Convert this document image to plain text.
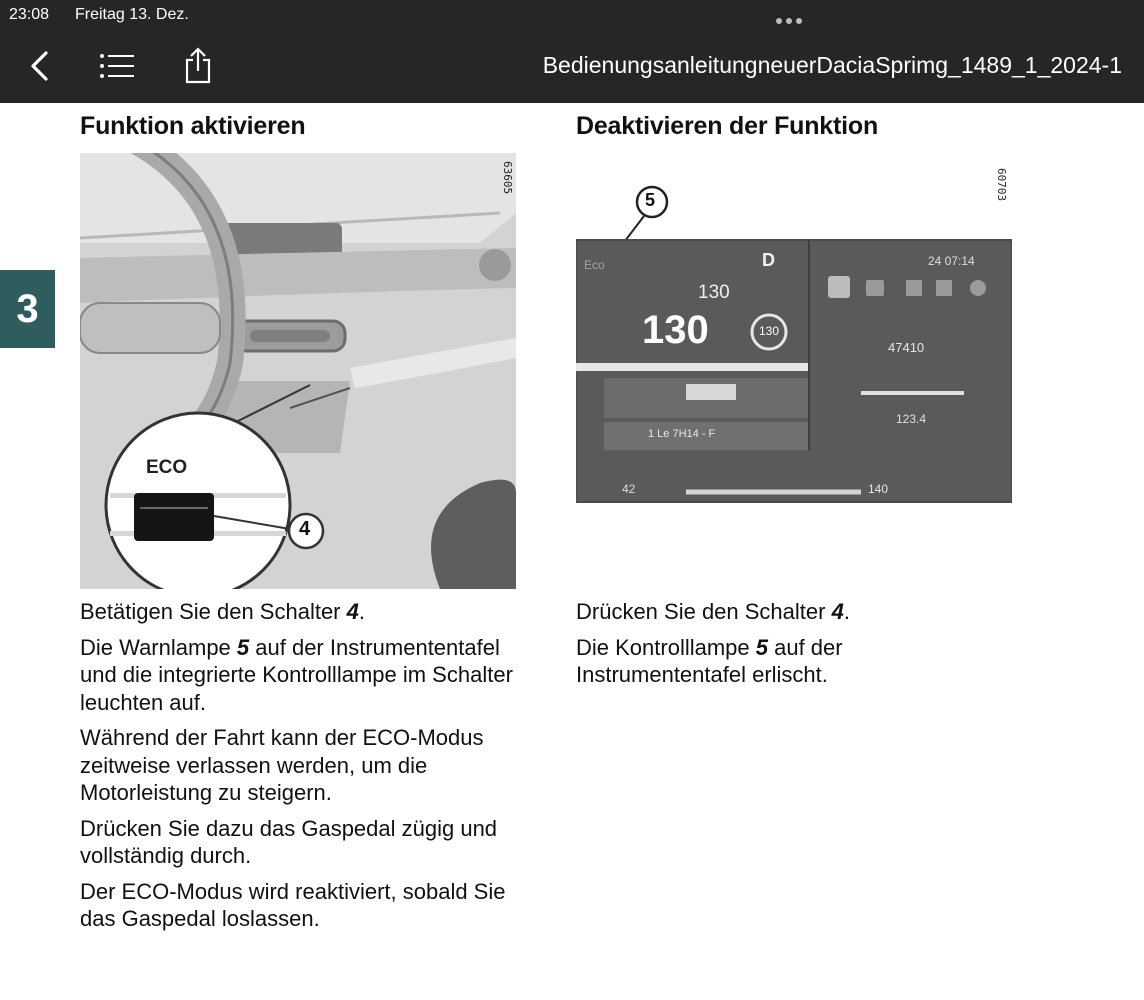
23:08 Freitag 13. Dez.
BedienungsanleitungneuerDaciaSprimg_1489_1_2024-1
3
Funktion aktivieren
ECO
4
63605

Betätigen Sie den Schalter 4.

Die Warnlampe 5 auf der Instrumententafel und die integrierte Kontrolllampe im Schalter leuchten auf.

Während der Fahrt kann der ECO-Modus zeitweise verlassen werden, um die Motorleistung zu steigern.

Drücken Sie dazu das Gaspedal zügig und vollständig durch.

Der ECO-Modus wird reaktiviert, sobald Sie das Gaspedal loslassen.

Deaktivieren der Funktion
60703
5
Eco	D	24 07:14
130
130	130
47410
123.4
1 Le 7H14 - F
42	140

Drücken Sie den Schalter 4.

Die Kontrolllampe 5 auf der Instrumententafel erlischt.
